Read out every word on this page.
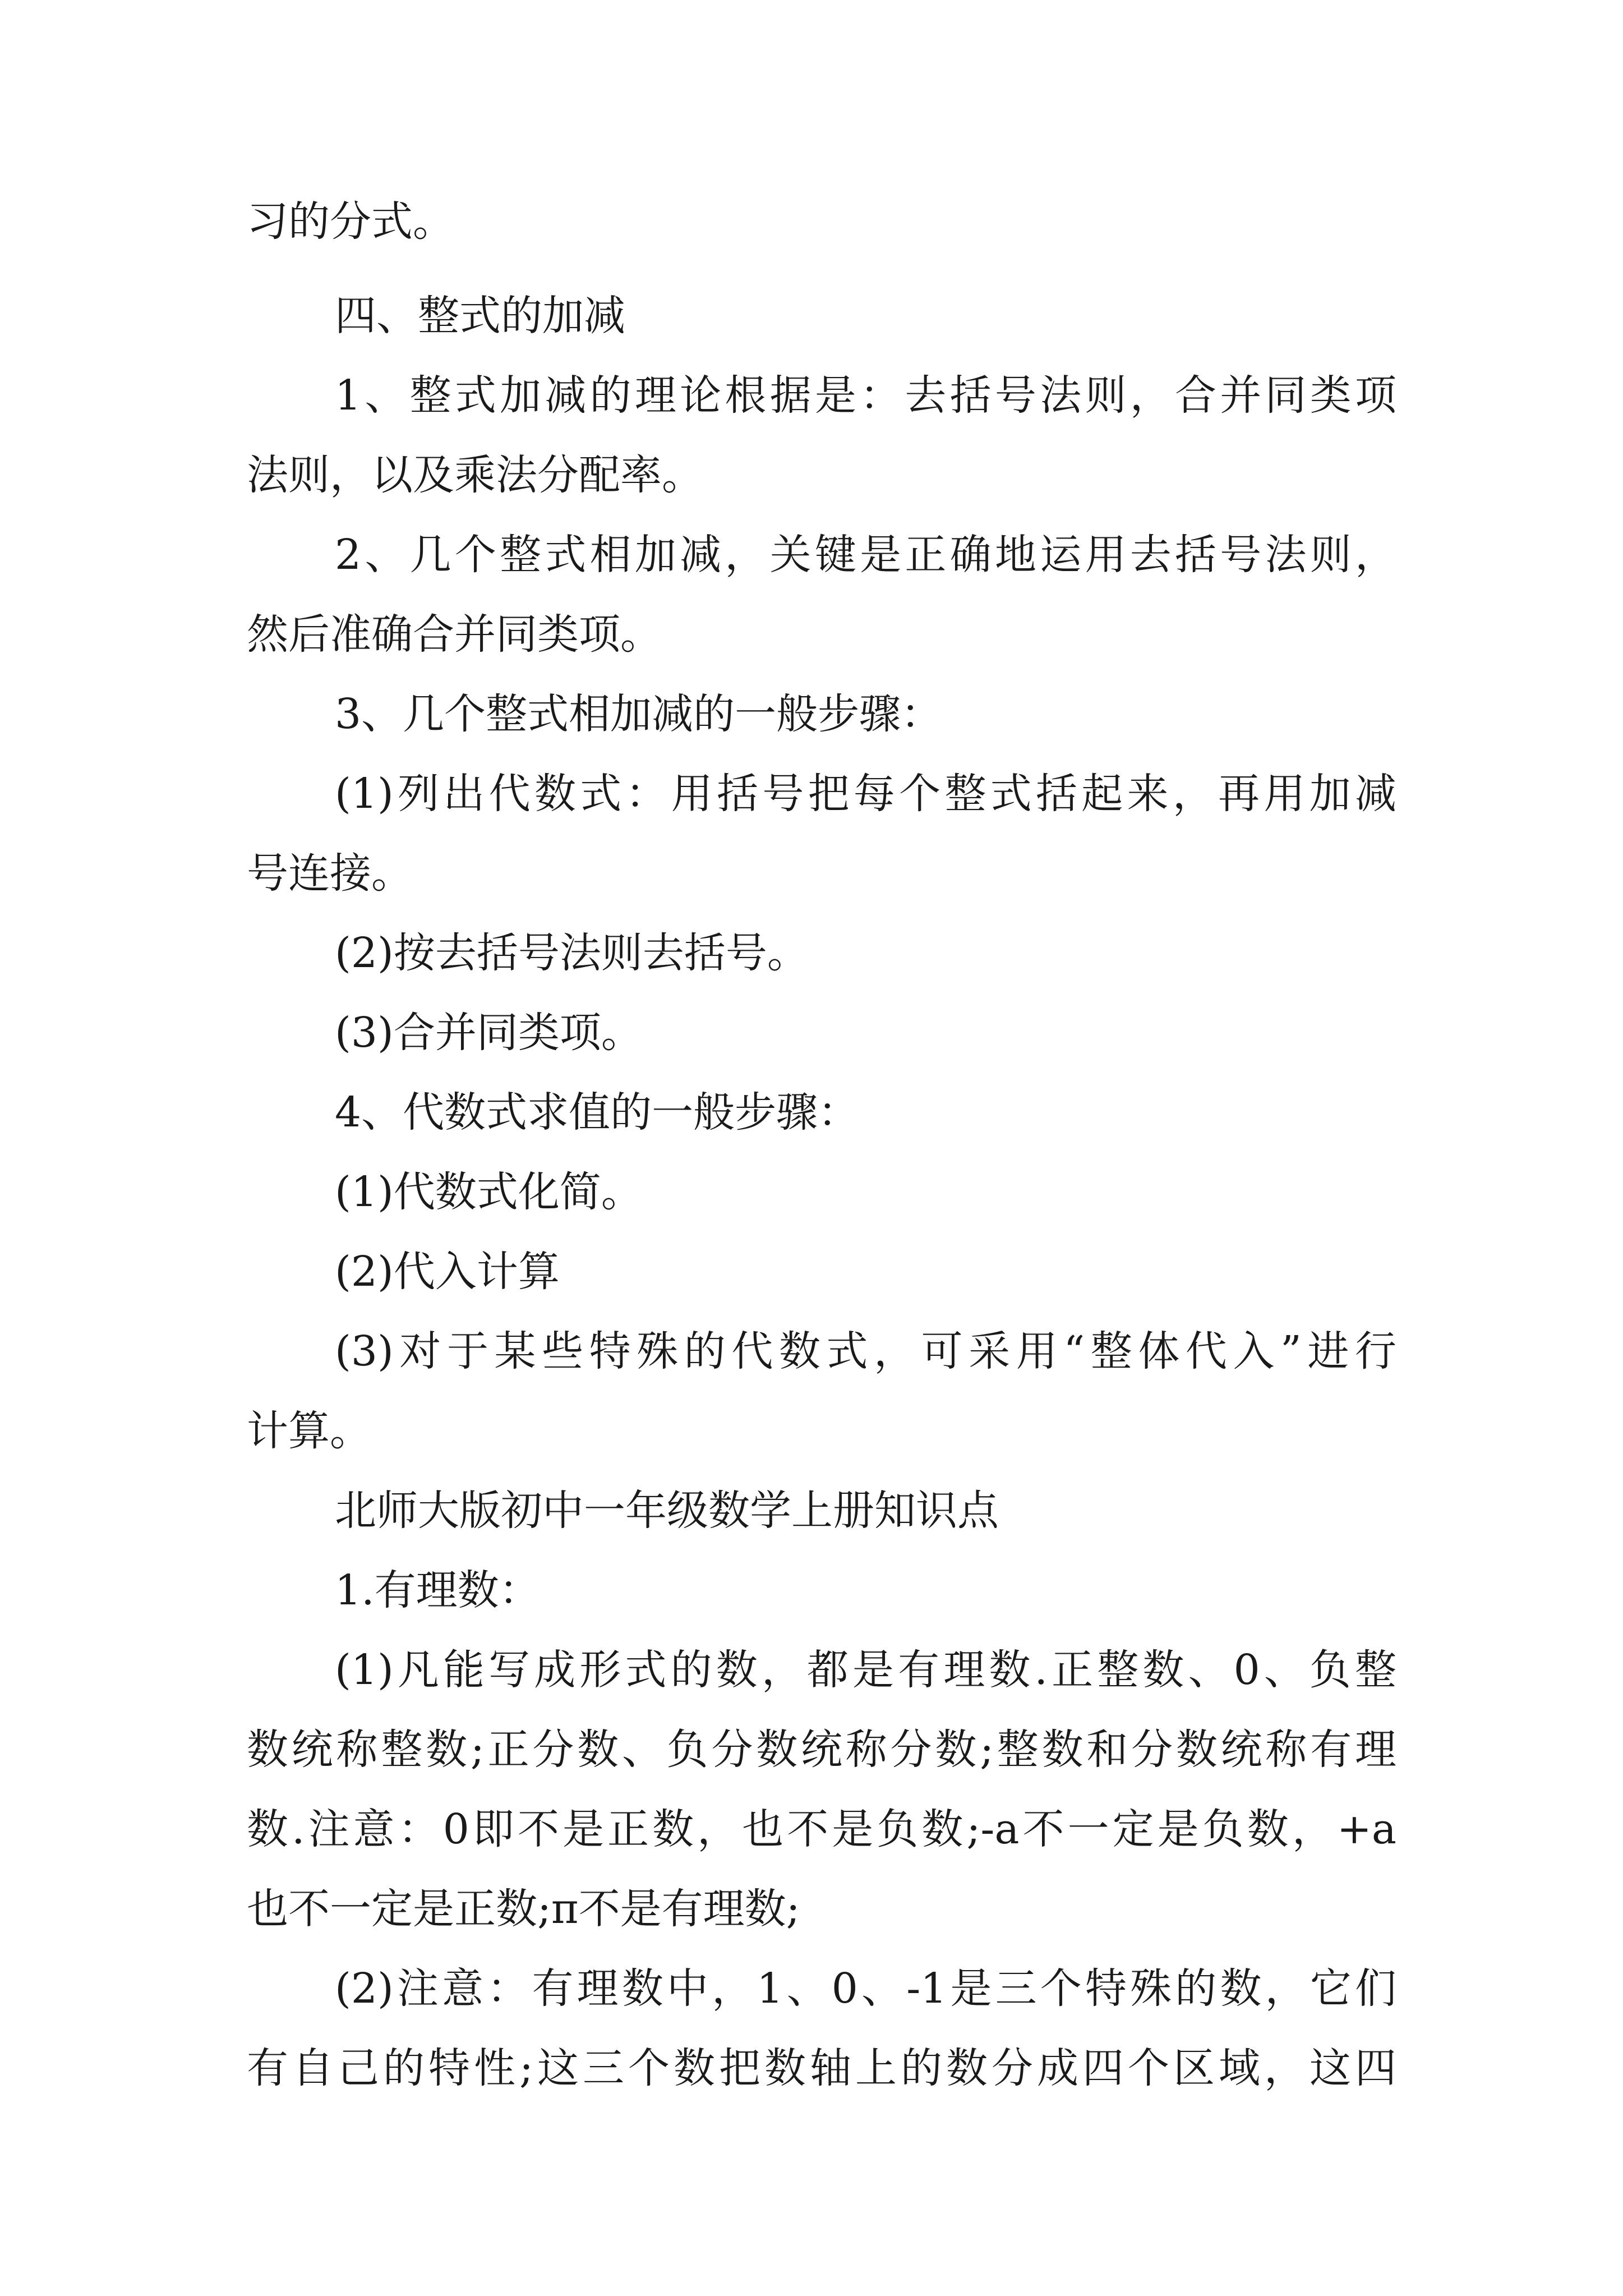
习的分式。
四、整式的加减
1、整式加减的理论根据是：去括号法则，合并同类项
法则，以及乘法分配率。
2、几个整式相加减，关键是正确地运用去括号法则，
然后准确合并同类项。
3、几个整式相加减的一般步骤：
(1)列出代数式：用括号把每个整式括起来，再用加减
号连接。
(2)按去括号法则去括号。
(3)合并同类项。
4、代数式求值的一般步骤：
(1)代数式化简。
(2)代入计算
(3)对于某些特殊的代数式，可采用“整体代入”进行
计算。
北师大版初中一年级数学上册知识点
1.有理数：
(1)凡能写成形式的数，都是有理数.正整数、0、负整
数统称整数;正分数、负分数统称分数;整数和分数统称有理
数.注意：0即不是正数，也不是负数;-a不一定是负数，+a
也不一定是正数;π不是有理数;
(2)注意：有理数中，1、0、-1是三个特殊的数，它们
有自己的特性;这三个数把数轴上的数分成四个区域，这四
